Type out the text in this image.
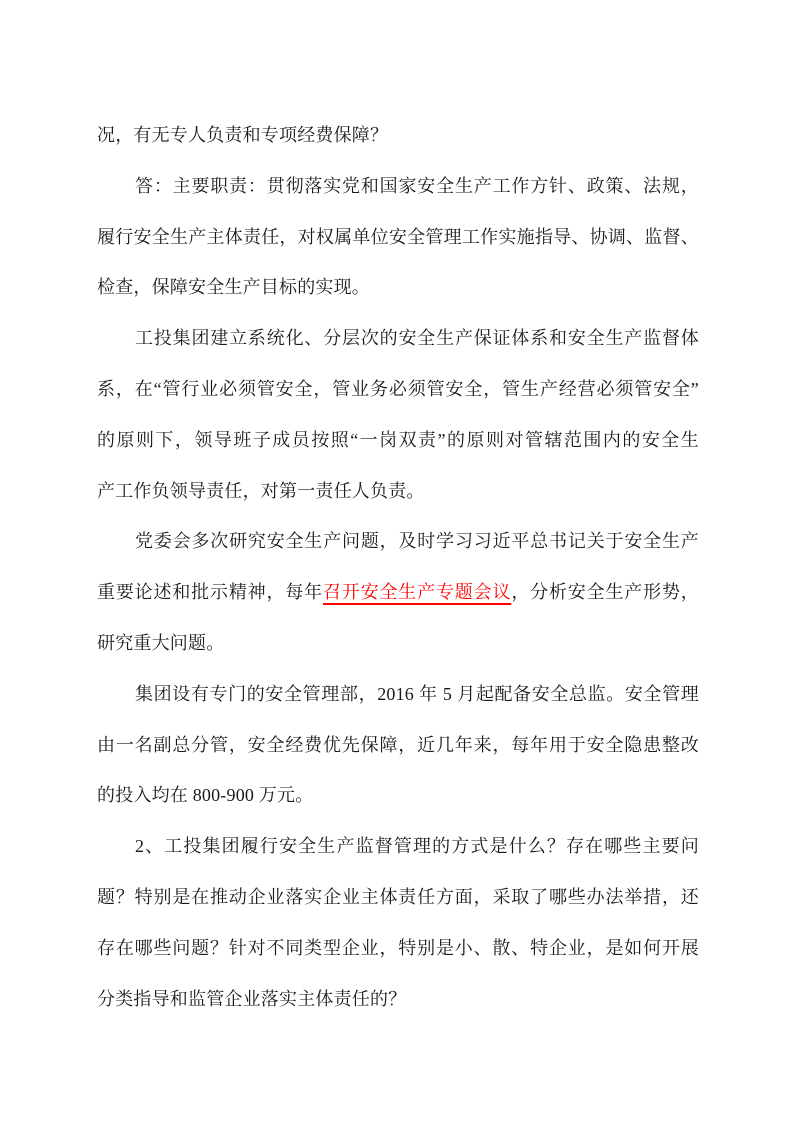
况，有无专人负责和专项经费保障？
答：主要职责：贯彻落实党和国家安全生产工作方针、政策、法规，
履行安全生产主体责任，对权属单位安全管理工作实施指导、协调、监督、
检查，保障安全生产目标的实现。
工投集团建立系统化、分层次的安全生产保证体系和安全生产监督体
系，在“管行业必须管安全，管业务必须管安全，管生产经营必须管安全”
的原则下，领导班子成员按照“一岗双责”的原则对管辖范围内的安全生
产工作负领导责任，对第一责任人负责。
党委会多次研究安全生产问题，及时学习习近平总书记关于安全生产
重要论述和批示精神，每年召开安全生产专题会议，分析安全生产形势，
研究重大问题。
集团设有专门的安全管理部，2016 年 5 月起配备安全总监。安全管理
由一名副总分管，安全经费优先保障，近几年来，每年用于安全隐患整改
的投入均在 800-900 万元。
2、工投集团履行安全生产监督管理的方式是什么？存在哪些主要问
题？特别是在推动企业落实企业主体责任方面，采取了哪些办法举措，还
存在哪些问题？针对不同类型企业，特别是小、散、特企业，是如何开展
分类指导和监管企业落实主体责任的？
